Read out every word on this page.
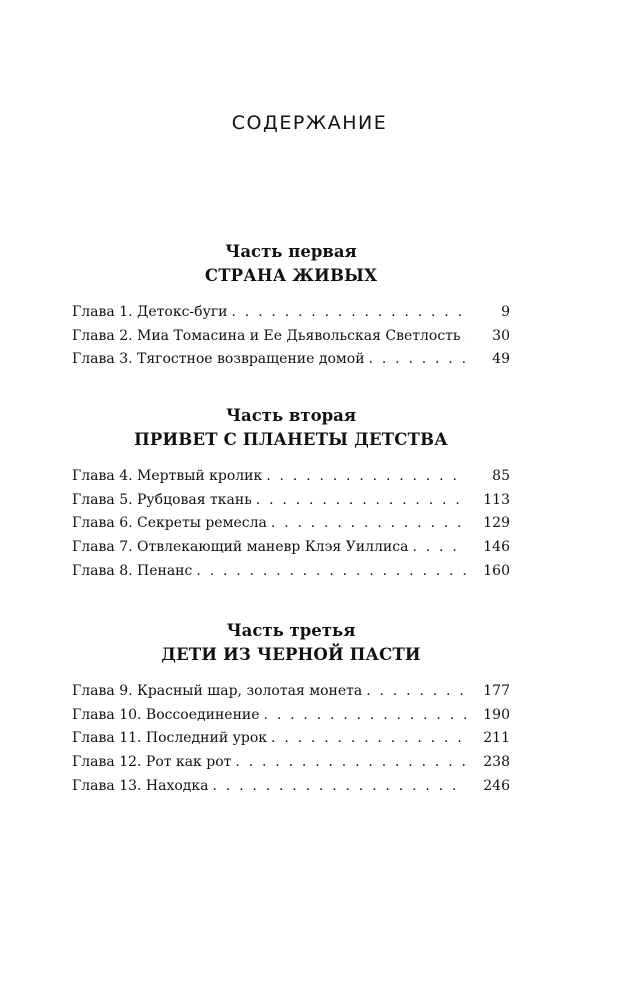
СОДЕРЖАНИЕ
Часть первая
СТРАНА ЖИВЫХ
Глава 1. Детокс-буги . . .	9
Глава 2. Миа Томасина и Ее Дьявольская Светлость . . .	30
Глава 3. Тягостное возвращение домой . . .	49
Часть вторая
ПРИВЕТ С ПЛАНЕТЫ ДЕТСТВА
Глава 4. Мертвый кролик . . .	85
Глава 5. Рубцовая ткань . . .	113
Глава 6. Секреты ремесла . . .	129
Глава 7. Отвлекающий маневр Клэя Уиллиса . . .	146
Глава 8. Пенанс . . .	160
Часть третья
ДЕТИ ИЗ ЧЕРНОЙ ПАСТИ
Глава 9. Красный шар, золотая монета . . .	177
Глава 10. Воссоединение . . .	190
Глава 11. Последний урок . . .	211
Глава 12. Рот как рот . . .	238
Глава 13. Находка . . .	246
